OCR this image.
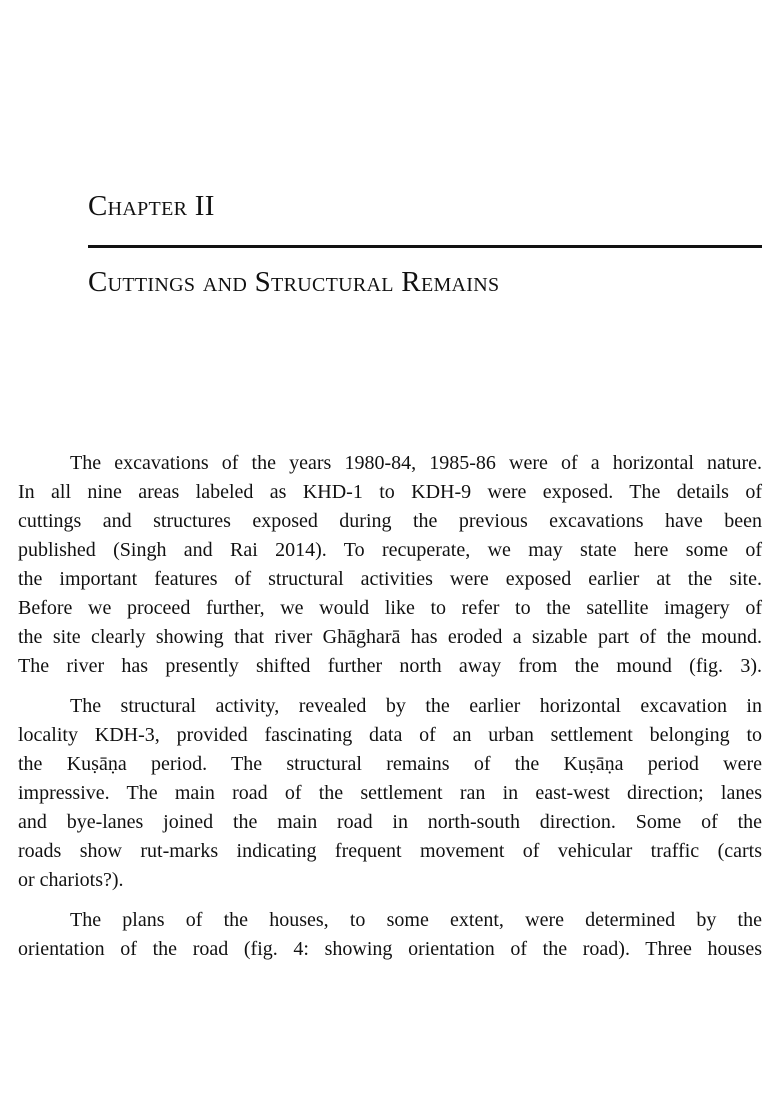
Chapter II
Cuttings and Structural Remains
The excavations of the years 1980-84, 1985-86 were of a horizontal nature.
In all nine areas labeled as KHD-1 to KDH-9 were exposed. The details of
cuttings and structures exposed during the previous excavations have been
published (Singh and Rai 2014). To recuperate, we may state here some of
the important features of structural activities were exposed earlier at the site.
Before we proceed further, we would like to refer to the satellite imagery of
the site clearly showing that river Ghāgharā has eroded a sizable part of the mound.
The river has presently shifted further north away from the mound (fig. 3).
The structural activity, revealed by the earlier horizontal excavation in
locality KDH-3, provided fascinating data of an urban settlement belonging to
the Kuṣāṇa period. The structural remains of the Kuṣāṇa period were
impressive. The main road of the settlement ran in east-west direction; lanes
and bye-lanes joined the main road in north-south direction. Some of the
roads show rut-marks indicating frequent movement of vehicular traffic (carts
or chariots?).
The plans of the houses, to some extent, were determined by the
orientation of the road (fig. 4: showing orientation of the road). Three houses
